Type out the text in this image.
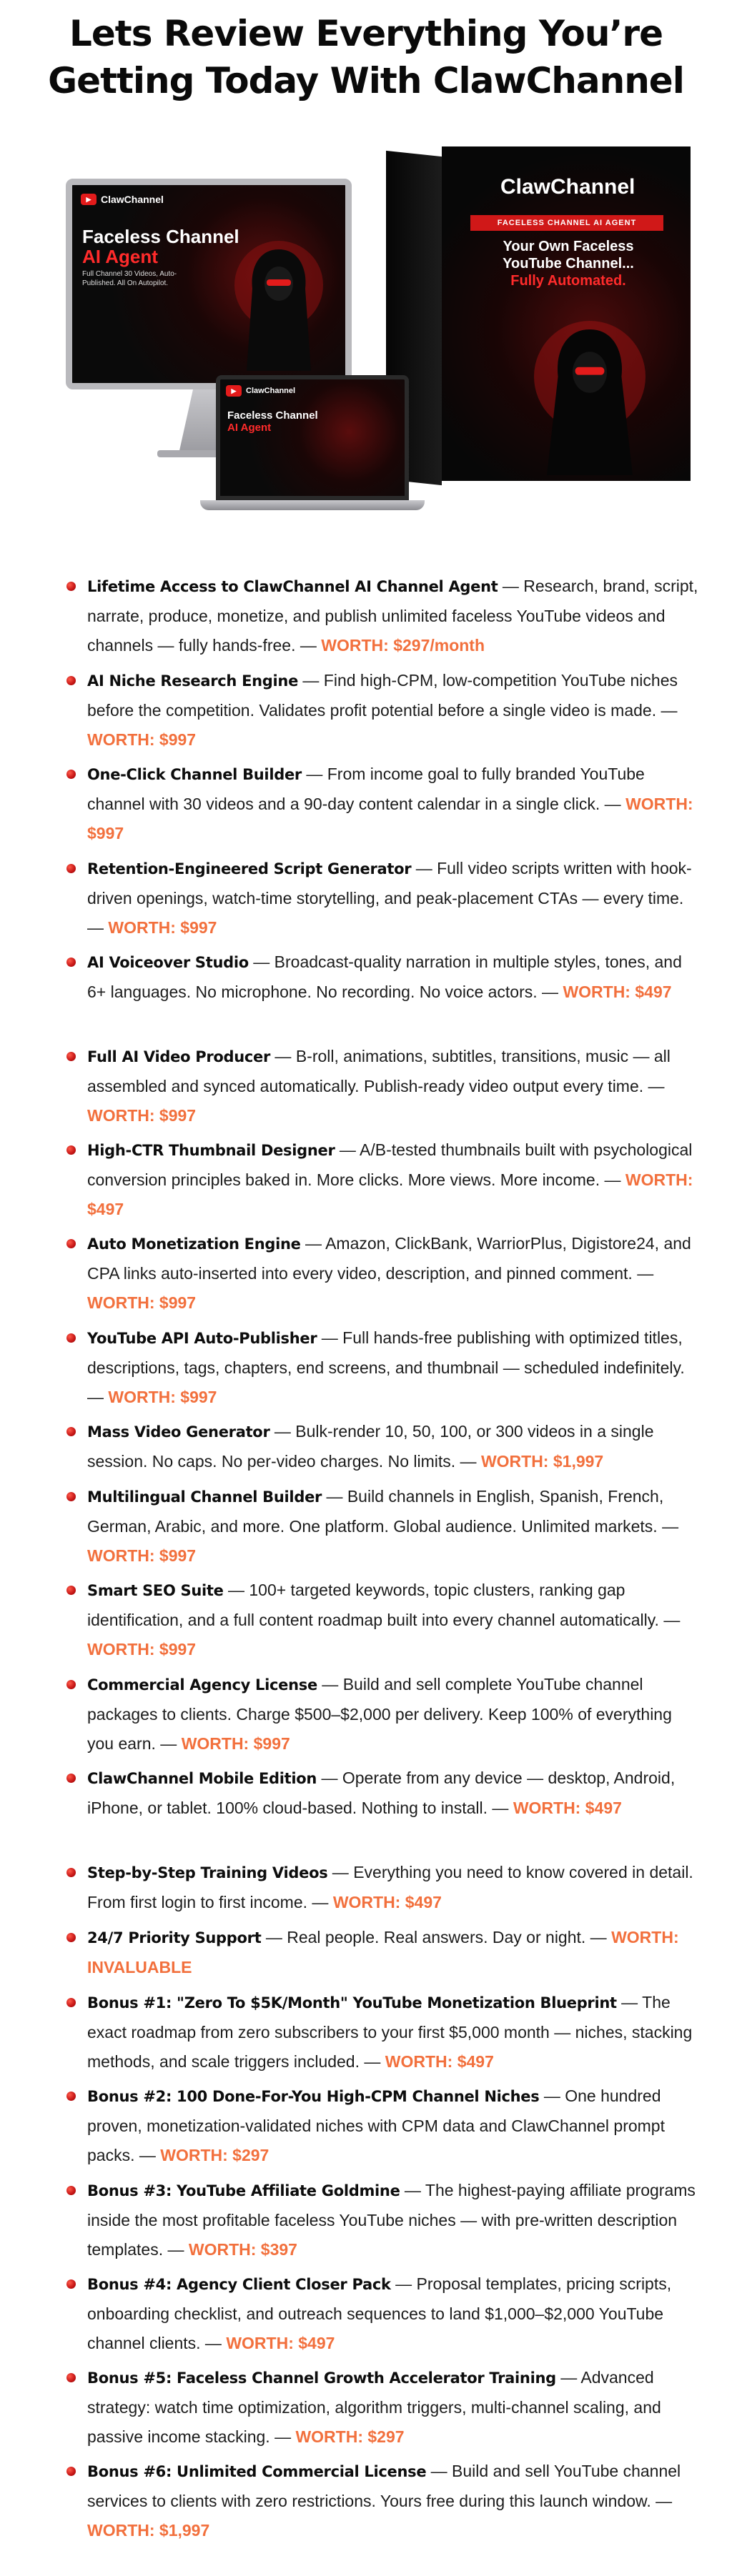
Lets Review Everything You’re
Getting Today With ClawChannel
▶ ClawChannel
Faceless Channel
AI Agent
Full Channel 30 Videos, Auto-Published. All On Autopilot.
ClawChannel
FACELESS CHANNEL AI AGENT
Your Own Faceless
YouTube Channel...
Fully Automated.
▶	ClawChannel
Faceless Channel
AI Agent

Lifetime Access to ClawChannel AI Channel Agent — Research, brand, script, narrate, produce, monetize, and publish unlimited faceless YouTube videos and channels — fully hands-free. — WORTH: $297/month

AI Niche Research Engine — Find high-CPM, low-competition YouTube niches before the competition. Validates profit potential before a single video is made. — WORTH: $997

One-Click Channel Builder — From income goal to fully branded YouTube channel with 30 videos and a 90-day content calendar in a single click. — WORTH: $997

Retention-Engineered Script Generator — Full video scripts written with hook-driven openings, watch-time storytelling, and peak-placement CTAs — every time. — WORTH: $997

AI Voiceover Studio — Broadcast-quality narration in multiple styles, tones, and 6+ languages. No microphone. No recording. No voice actors. — WORTH: $497

Full AI Video Producer — B-roll, animations, subtitles, transitions, music — all assembled and synced automatically. Publish-ready video output every time. — WORTH: $997

High-CTR Thumbnail Designer — A/B-tested thumbnails built with psychological conversion principles baked in. More clicks. More views. More income. — WORTH: $497

Auto Monetization Engine — Amazon, ClickBank, WarriorPlus, Digistore24, and CPA links auto-inserted into every video, description, and pinned comment. — WORTH: $997

YouTube API Auto-Publisher — Full hands-free publishing with optimized titles, descriptions, tags, chapters, end screens, and thumbnail — scheduled indefinitely. — WORTH: $997

Mass Video Generator — Bulk-render 10, 50, 100, or 300 videos in a single session. No caps. No per-video charges. No limits. — WORTH: $1,997

Multilingual Channel Builder — Build channels in English, Spanish, French, German, Arabic, and more. One platform. Global audience. Unlimited markets. — WORTH: $997

Smart SEO Suite — 100+ targeted keywords, topic clusters, ranking gap identification, and a full content roadmap built into every channel automatically. — WORTH: $997

Commercial Agency License — Build and sell complete YouTube channel packages to clients. Charge $500–$2,000 per delivery. Keep 100% of everything you earn. — WORTH: $997

ClawChannel Mobile Edition — Operate from any device — desktop, Android, iPhone, or tablet. 100% cloud-based. Nothing to install. — WORTH: $497

Step-by-Step Training Videos — Everything you need to know covered in detail. From first login to first income. — WORTH: $497

24/7 Priority Support — Real people. Real answers. Day or night. — WORTH: INVALUABLE

Bonus #1: "Zero To $5K/Month" YouTube Monetization Blueprint — The exact roadmap from zero subscribers to your first $5,000 month — niches, stacking methods, and scale triggers included. — WORTH: $497

Bonus #2: 100 Done-For-You High-CPM Channel Niches — One hundred proven, monetization-validated niches with CPM data and ClawChannel prompt packs. — WORTH: $297

Bonus #3: YouTube Affiliate Goldmine — The highest-paying affiliate programs inside the most profitable faceless YouTube niches — with pre-written description templates. — WORTH: $397

Bonus #4: Agency Client Closer Pack — Proposal templates, pricing scripts, onboarding checklist, and outreach sequences to land $1,000–$2,000 YouTube channel clients. — WORTH: $497

Bonus #5: Faceless Channel Growth Accelerator Training — Advanced strategy: watch time optimization, algorithm triggers, multi-channel scaling, and passive income stacking. — WORTH: $297

Bonus #6: Unlimited Commercial License — Build and sell YouTube channel services to clients with zero restrictions. Yours free during this launch window. — WORTH: $1,997
